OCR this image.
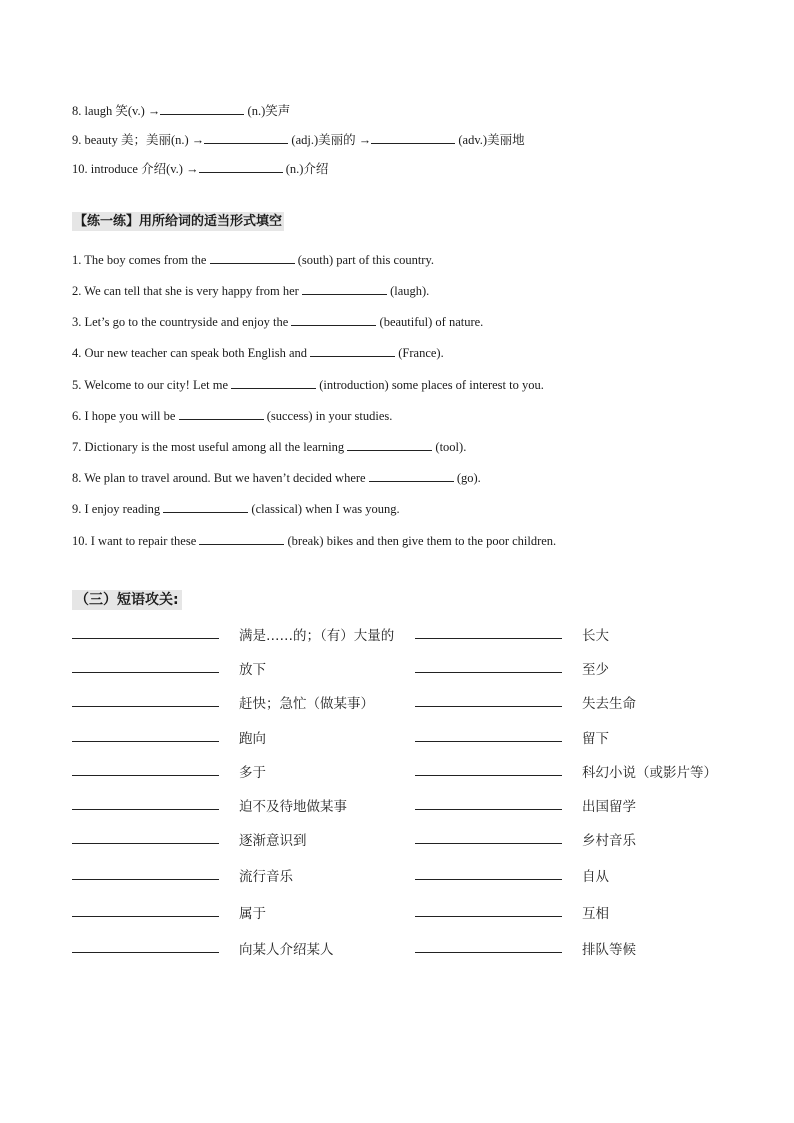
8. laugh 笑(v.) →	(n.)笑声
9. beauty 美；美丽(n.) →	(adj.)美丽的 →	(adv.)美丽地
10. introduce 介绍(v.) →	(n.)介绍
【练一练】用所给词的适当形式填空
1. The boy comes from the	(south) part of this country.
2. We can tell that she is very happy from her	(laugh).
3. Let’s go to the countryside and enjoy the	(beautiful) of nature.
4. Our new teacher can speak both English and	(France).
5. Welcome to our city! Let me	(introduction) some places of interest to you.
6. I hope you will be	(success) in your studies.
7. Dictionary is the most useful among all the learning	(tool).
8. We plan to travel around. But we haven’t decided where	(go).
9. I enjoy reading	(classical) when I was young.
10. I want to repair these	(break) bikes and then give them to the poor children.
（三）短语攻关:
满是……的；（有）大量的	长大
放下	至少
赶快；急忙（做某事）	失去生命
跑向	留下
多于	科幻小说（或影片等）
迫不及待地做某事	出国留学
逐渐意识到	乡村音乐
流行音乐	自从
属于	互相
向某人介绍某人	排队等候
